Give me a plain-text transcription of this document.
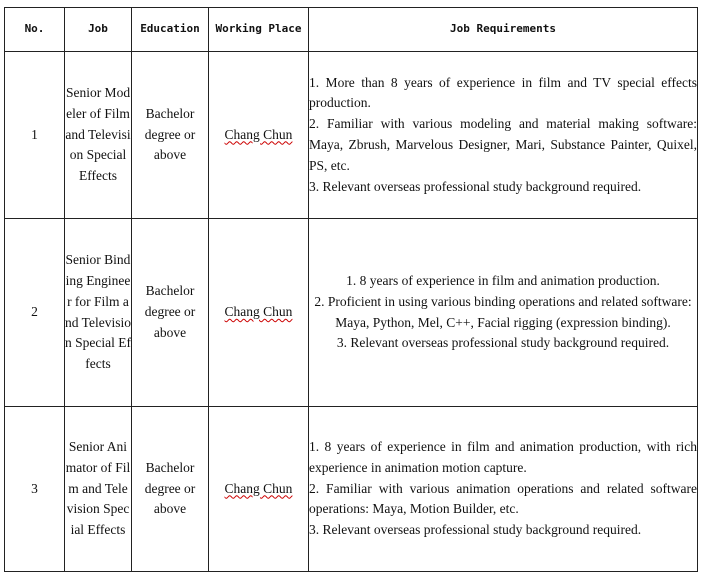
No.	Job	Education	Working Place	Job Requirements
1	Senior Modeler of Film and Television Special Effects	Bachelor degree or above	Chang Chun	1. More than 8 years of experience in film and TV special effects production.

2. Familiar with various modeling and material making software: Maya, Zbrush, Marvelous Designer, Mari, Substance Painter, Quixel, PS, etc.

3. Relevant overseas professional study background required.

2	Senior Binding Engineer for Film and Television Special Effects	Bachelor degree or above	Chang Chun	1. 8 years of experience in film and animation production.

2. Proficient in using various binding operations and related software: Maya, Python, Mel, C++, Facial rigging (expression binding).

3. Relevant overseas professional study background required.

3	Senior Animator of Film and Television Special Effects	Bachelor degree or above	Chang Chun	1. 8 years of experience in film and animation production, with rich experience in animation motion capture.

2. Familiar with various animation operations and related software operations: Maya, Motion Builder, etc.

3. Relevant overseas professional study background required.
